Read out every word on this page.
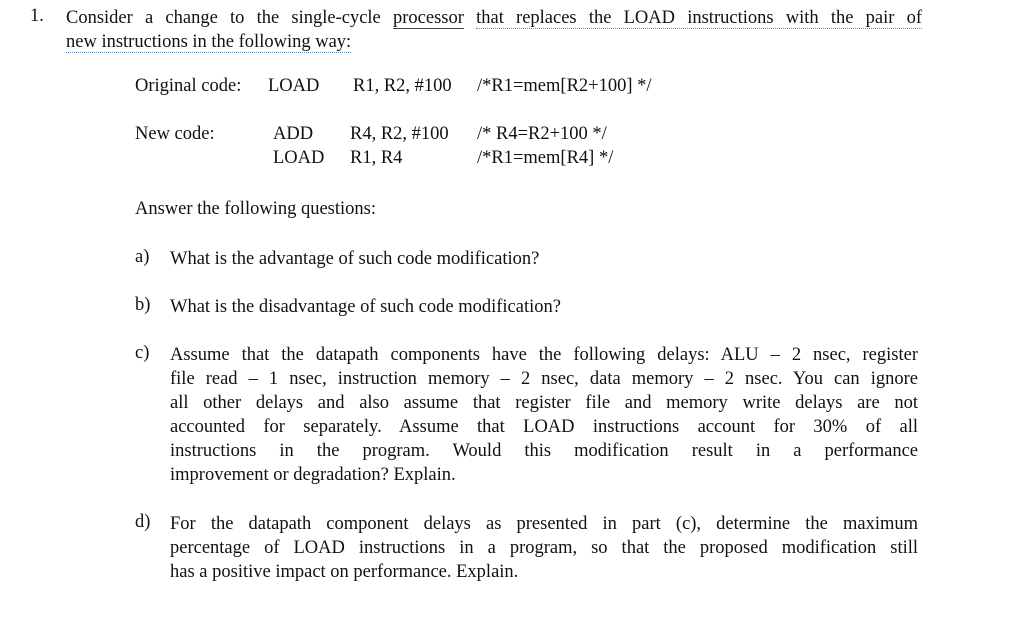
1. Consider a change to the single-cycle processor that replaces the LOAD instructions with the pair of
new instructions in the following way:
Original code: LOAD R1, R2, #100 /*R1=mem[R2+100] */
New code:	ADD R4, R2, #100 /* R4=R2+100 */
LOAD R1, R4	/*R1=mem[R4] */
Answer the following questions:
a) What is the advantage of such code modification?
b) What is the disadvantage of such code modification?
c) Assume that the datapath components have the following delays: ALU – 2 nsec, register
file read – 1 nsec, instruction memory – 2 nsec, data memory – 2 nsec. You can ignore
all other delays and also assume that register file and memory write delays are not
accounted for separately. Assume that LOAD instructions account for 30% of all
instructions in the program. Would this modification result in a performance
improvement or degradation? Explain.
d) For the datapath component delays as presented in part (c), determine the maximum
percentage of LOAD instructions in a program, so that the proposed modification still
has a positive impact on performance. Explain.
